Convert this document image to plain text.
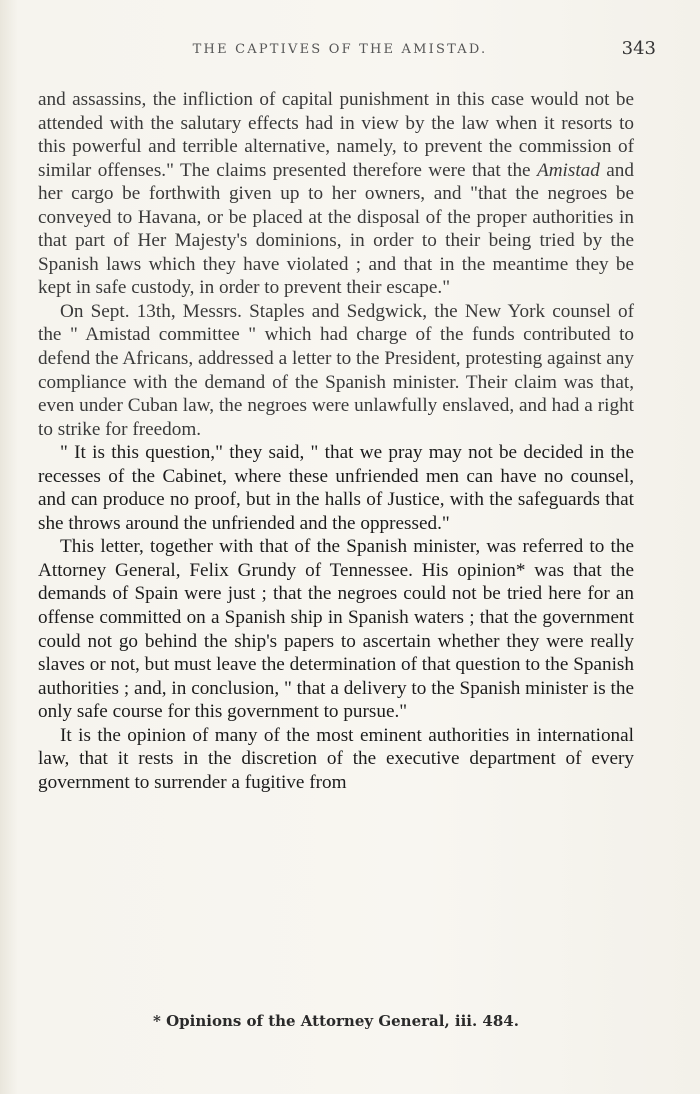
THE CAPTIVES OF THE AMISTAD.	343

and assassins, the infliction of capital punishment in this case would not be attended with the salutary effects had in view by the law when it resorts to this powerful and terrible alternative, namely, to prevent the commission of similar offenses." The claims presented therefore were that the Amistad and her cargo be forthwith given up to her owners, and "that the negroes be conveyed to Havana, or be placed at the disposal of the proper authorities in that part of Her Majesty's dominions, in order to their being tried by the Spanish laws which they have violated ; and that in the meantime they be kept in safe custody, in order to prevent their escape."

On Sept. 13th, Messrs. Staples and Sedgwick, the New York counsel of the " Amistad committee " which had charge of the funds contributed to defend the Africans, addressed a letter to the President, protesting against any compliance with the demand of the Spanish minister. Their claim was that, even under Cuban law, the negroes were unlawfully enslaved, and had a right to strike for freedom.

" It is this question," they said, " that we pray may not be decided in the recesses of the Cabinet, where these unfriended men can have no counsel, and can produce no proof, but in the halls of Justice, with the safeguards that she throws around the unfriended and the oppressed."

This letter, together with that of the Spanish minister, was referred to the Attorney General, Felix Grundy of Tennessee. His opinion* was that the demands of Spain were just ; that the negroes could not be tried here for an offense committed on a Spanish ship in Spanish waters ; that the government could not go behind the ship's papers to ascertain whether they were really slaves or not, but must leave the determination of that question to the Spanish authorities ; and, in conclusion, " that a delivery to the Spanish minister is the only safe course for this government to pursue."

It is the opinion of many of the most eminent authorities in international law, that it rests in the discretion of the executive department of every government to surrender a fugitive from

* Opinions of the Attorney General, iii. 484.
